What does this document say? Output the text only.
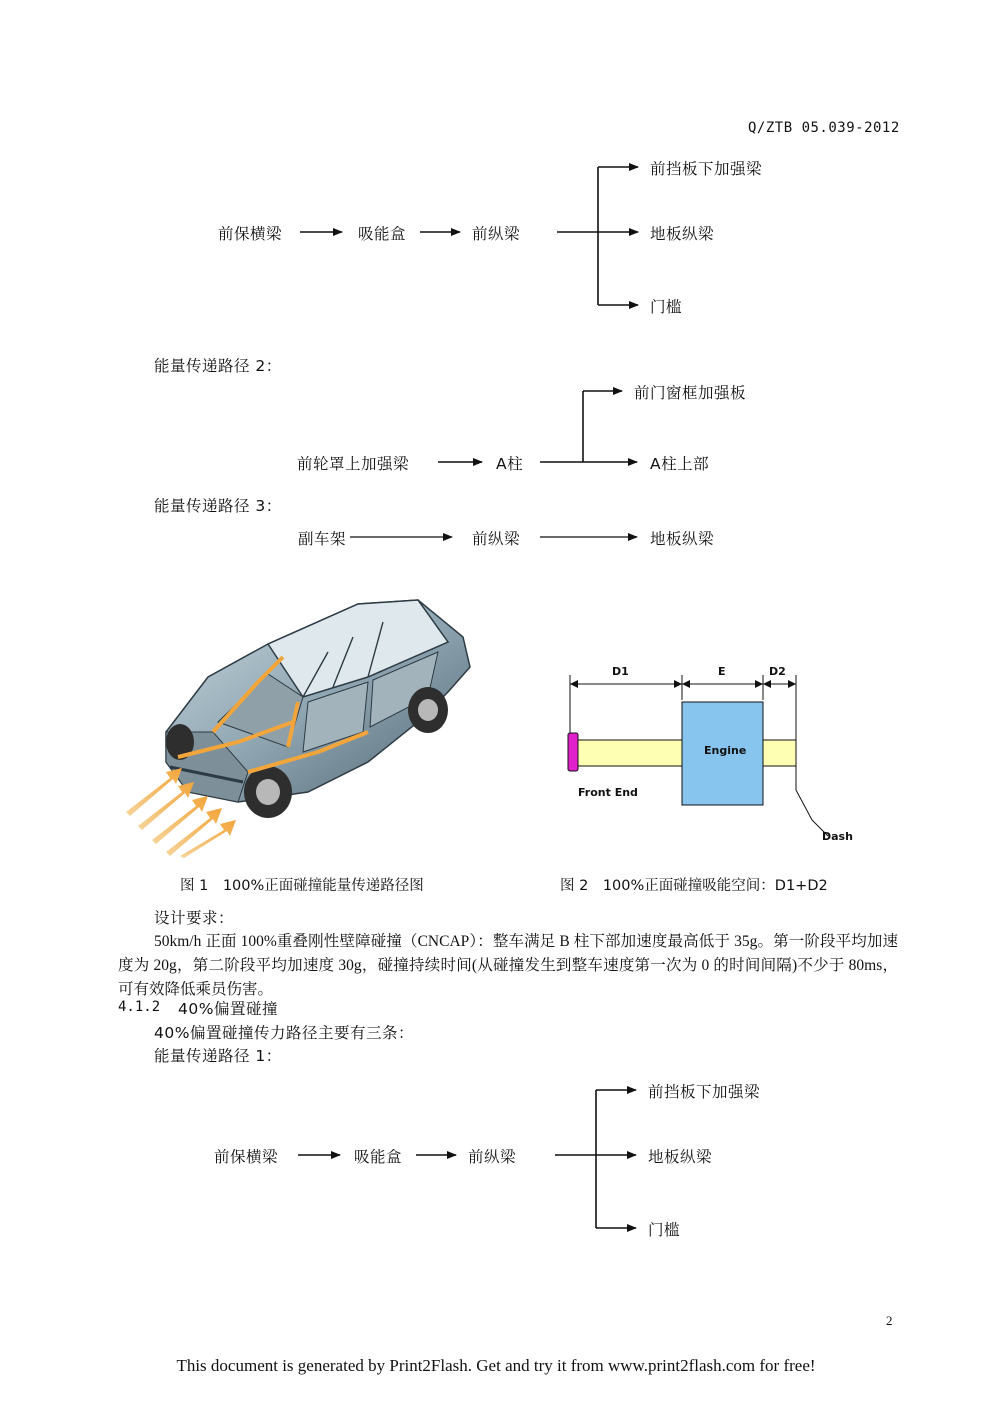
Q/ZTB 05.039-2012
前保横梁	吸能盒	前纵梁
前挡板下加强梁
地板纵梁
门槛
能量传递路径 2：
前轮罩上加强梁	A柱
前门窗框加强板
A柱上部
能量传递路径 3：
副车架	前纵梁	地板纵梁
D1	E	D2
Engine
Front End
Dash
图 1　100%正面碰撞能量传递路径图	图 2　100%正面碰撞吸能空间：D1+D2
设计要求：
50km/h 正面 100%重叠刚性壁障碰撞（CNCAP）：整车满足 B 柱下部加速度最高低于 35g。第一阶段平均加速度为 20g，第二阶段平均加速度 30g，碰撞持续时间(从碰撞发生到整车速度第一次为 0 的时间间隔)不少于 80ms，可有效降低乘员伤害。
4.1.2 40%偏置碰撞
40%偏置碰撞传力路径主要有三条：
能量传递路径 1：
前保横梁	吸能盒	前纵梁
前挡板下加强梁
地板纵梁
门槛
2
This document is generated by Print2Flash. Get and try it from www.print2flash.com for free!
